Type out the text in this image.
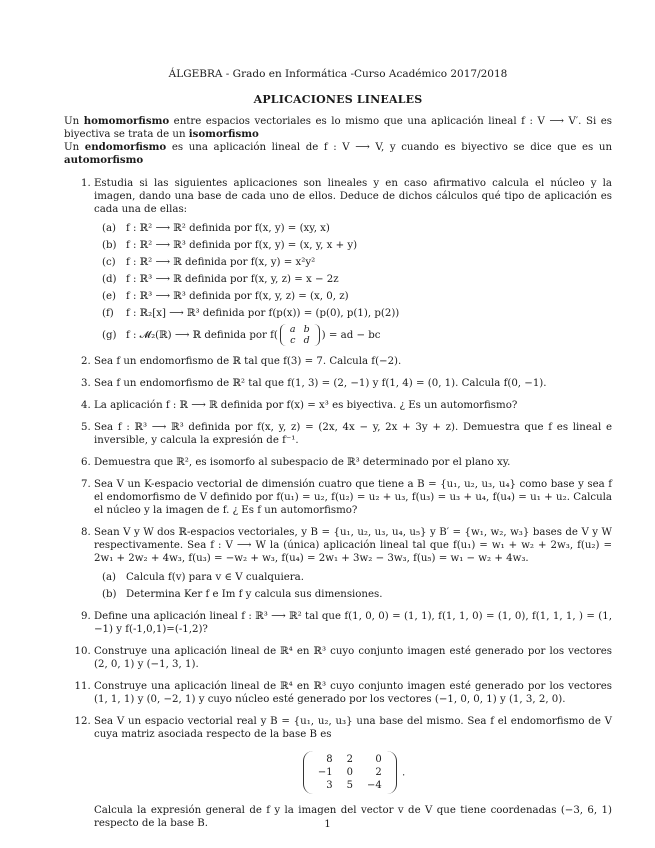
ÁLGEBRA - Grado en Informática -Curso Académico 2017/2018
APLICACIONES LINEALES

Un homomorfismo entre espacios vectoriales es lo mismo que una aplicación lineal f : V ⟶ V′. Si es biyectiva se trata de un isomorfismo

Un endomorfismo es una aplicación lineal de f : V ⟶ V, y cuando es biyectivo se dice que es un automorfismo

1. Estudia si las siguientes aplicaciones son lineales y en caso afirmativo calcula el núcleo y la imagen, dando una base de cada uno de ellos. Deduce de dichos cálculos qué tipo de aplicación es cada una de ellas:
(a) f : ℝ² ⟶ ℝ² definida por f(x, y) = (xy, x)
(b) f : ℝ² ⟶ ℝ³ definida por f(x, y) = (x, y, x + y)
(c)	f : ℝ² ⟶ ℝ definida por f(x, y) = x²y²
(d) f : ℝ³ ⟶ ℝ definida por f(x, y, z) = x − 2z
(e) f : ℝ³ ⟶ ℝ³ definida por f(x, y, z) = (x, 0, z)
(f)	f : ℝ₂[x] ⟶ ℝ³ definida por f(p(x)) = (p(0), p(1), p(2))
(g) f : 𝓜₂(ℝ) ⟶ ℝ definida por f( a	b
c	d ) = ad − bc
2. Sea f un endomorfismo de ℝ tal que f(3) = 7. Calcula f(−2).
3. Sea f un endomorfismo de ℝ² tal que f(1, 3) = (2, −1) y f(1, 4) = (0, 1). Calcula f(0, −1).
4. La aplicación f : ℝ ⟶ ℝ definida por f(x) = x³ es biyectiva. ¿ Es un automorfismo?
5. Sea f : ℝ³ ⟶ ℝ³ definida por f(x, y, z) = (2x, 4x − y, 2x + 3y + z). Demuestra que f es lineal e inversible, y calcula la expresión de f⁻¹.
6. Demuestra que ℝ², es isomorfo al subespacio de ℝ³ determinado por el plano xy.
7. Sea V un K-espacio vectorial de dimensión cuatro que tiene a B = {u₁, u₂, u₃, u₄} como base y sea f el endomorfismo de V definido por f(u₁) = u₂, f(u₂) = u₂ + u₃, f(u₃) = u₃ + u₄, f(u₄) = u₁ + u₂. Calcula el núcleo y la imagen de f. ¿ Es f un automorfismo?
8. Sean V y W dos ℝ-espacios vectoriales, y B = {u₁, u₂, u₃, u₄, u₅} y B′ = {w₁, w₂, w₃} bases de V y W respectivamente. Sea f : V ⟶ W la (única) aplicación lineal tal que f(u₁) = w₁ + w₂ + 2w₃, f(u₂) = 2w₁ + 2w₂ + 4w₃, f(u₃) = −w₂ + w₃, f(u₄) = 2w₁ + 3w₂ − 3w₃, f(u₅) = w₁ − w₂ + 4w₃.
(a) Calcula f(v) para v ∈ V cualquiera.
(b) Determina Ker f e Im f y calcula sus dimensiones.
9. Define una aplicación lineal f : ℝ³ ⟶ ℝ² tal que f(1, 0, 0) = (1, 1), f(1, 1, 0) = (1, 0), f(1, 1, 1, ) = (1, −1) y f(-1,0,1)=(-1,2)?
10. Construye una aplicación lineal de ℝ⁴ en ℝ³ cuyo conjunto imagen esté generado por los vectores (2, 0, 1) y (−1, 3, 1).
11. Construye una aplicación lineal de ℝ⁴ en ℝ³ cuyo conjunto imagen esté generado por los vectores (1, 1, 1) y (0, −2, 1) y cuyo núcleo esté generado por los vectores (−1, 0, 0, 1) y (1, 3, 2, 0).
12. Sea V un espacio vectorial real y B = {u₁, u₂, u₃} una base del mismo. Sea f el endomorfismo de V cuya matriz asociada respecto de la base B es
8	2	0
−1	0	2
3	5	−4
.
Calcula la expresión general de f y la imagen del vector v de V que tiene coordenadas (−3, 6, 1) respecto de la base B.	1
